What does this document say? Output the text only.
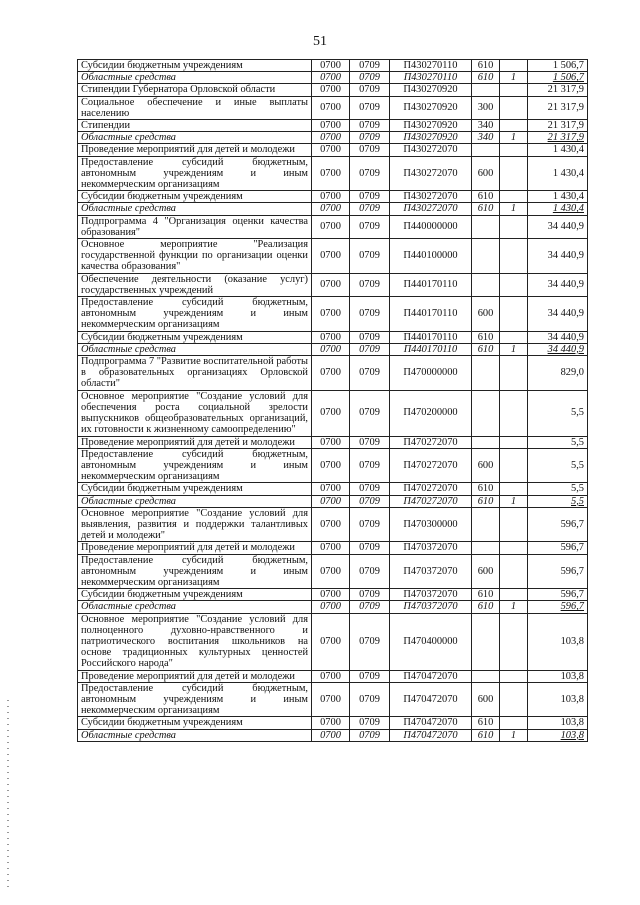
51
Субсидии бюджетным учреждениям	0700	0709	П430270110	610		1 506,7
Областные средства	0700	0709	П430270110	610	1	1 506,7
Стипендии Губернатора Орловской области	0700	0709	П430270920			21 317,9
Социальное обеспечение и иные выплаты населению	0700	0709	П430270920	300		21 317,9
Стипендии	0700	0709	П430270920	340		21 317,9
Областные средства	0700	0709	П430270920	340	1	21 317,9
Проведение мероприятий для детей и молодежи	0700	0709	П430272070			1 430,4
Предоставление субсидий бюджетным, автономным учреждениям и иным некоммерческим организациям	0700	0709	П430272070	600		1 430,4
Субсидии бюджетным учреждениям	0700	0709	П430272070	610		1 430,4
Областные средства	0700	0709	П430272070	610	1	1 430,4
Подпрограмма 4 "Организация оценки качества образования"	0700	0709	П440000000			34 440,9
Основное мероприятие "Реализация государственной функции по организации оценки качества образования"	0700	0709	П440100000			34 440,9
Обеспечение деятельности (оказание услуг) государственных учреждений	0700	0709	П440170110			34 440,9
Предоставление субсидий бюджетным, автономным учреждениям и иным некоммерческим организациям	0700	0709	П440170110	600		34 440,9
Субсидии бюджетным учреждениям	0700	0709	П440170110	610		34 440,9
Областные средства	0700	0709	П440170110	610	1	34 440,9
Подпрограмма 7 "Развитие воспитательной работы в образовательных организациях Орловской области"	0700	0709	П470000000			829,0
Основное мероприятие "Создание условий для обеспечения роста социальной зрелости выпускников общеобразовательных организаций, их готовности к жизненному самоопределению"	0700	0709	П470200000			5,5
Проведение мероприятий для детей и молодежи	0700	0709	П470272070			5,5
Предоставление субсидий бюджетным, автономным учреждениям и иным некоммерческим организациям	0700	0709	П470272070	600		5,5
Субсидии бюджетным учреждениям	0700	0709	П470272070	610		5,5
Областные средства	0700	0709	П470272070	610	1	5,5
Основное мероприятие "Создание условий для выявления, развития и поддержки талантливых детей и молодежи"	0700	0709	П470300000			596,7
Проведение мероприятий для детей и молодежи	0700	0709	П470372070			596,7
Предоставление субсидий бюджетным, автономным учреждениям и иным некоммерческим организациям	0700	0709	П470372070	600		596,7
Субсидии бюджетным учреждениям	0700	0709	П470372070	610		596,7
Областные средства	0700	0709	П470372070	610	1	596,7
Основное мероприятие "Создание условий для полноценного духовно-нравственного и патриотического воспитания школьников на основе традиционных культурных ценностей Российского народа"	0700	0709	П470400000			103,8
Проведение мероприятий для детей и молодежи	0700	0709	П470472070			103,8
Предоставление субсидий бюджетным, автономным учреждениям и иным некоммерческим организациям	0700	0709	П470472070	600		103,8
Субсидии бюджетным учреждениям	0700	0709	П470472070	610		103,8
Областные средства	0700	0709	П470472070	610	1	103,8
